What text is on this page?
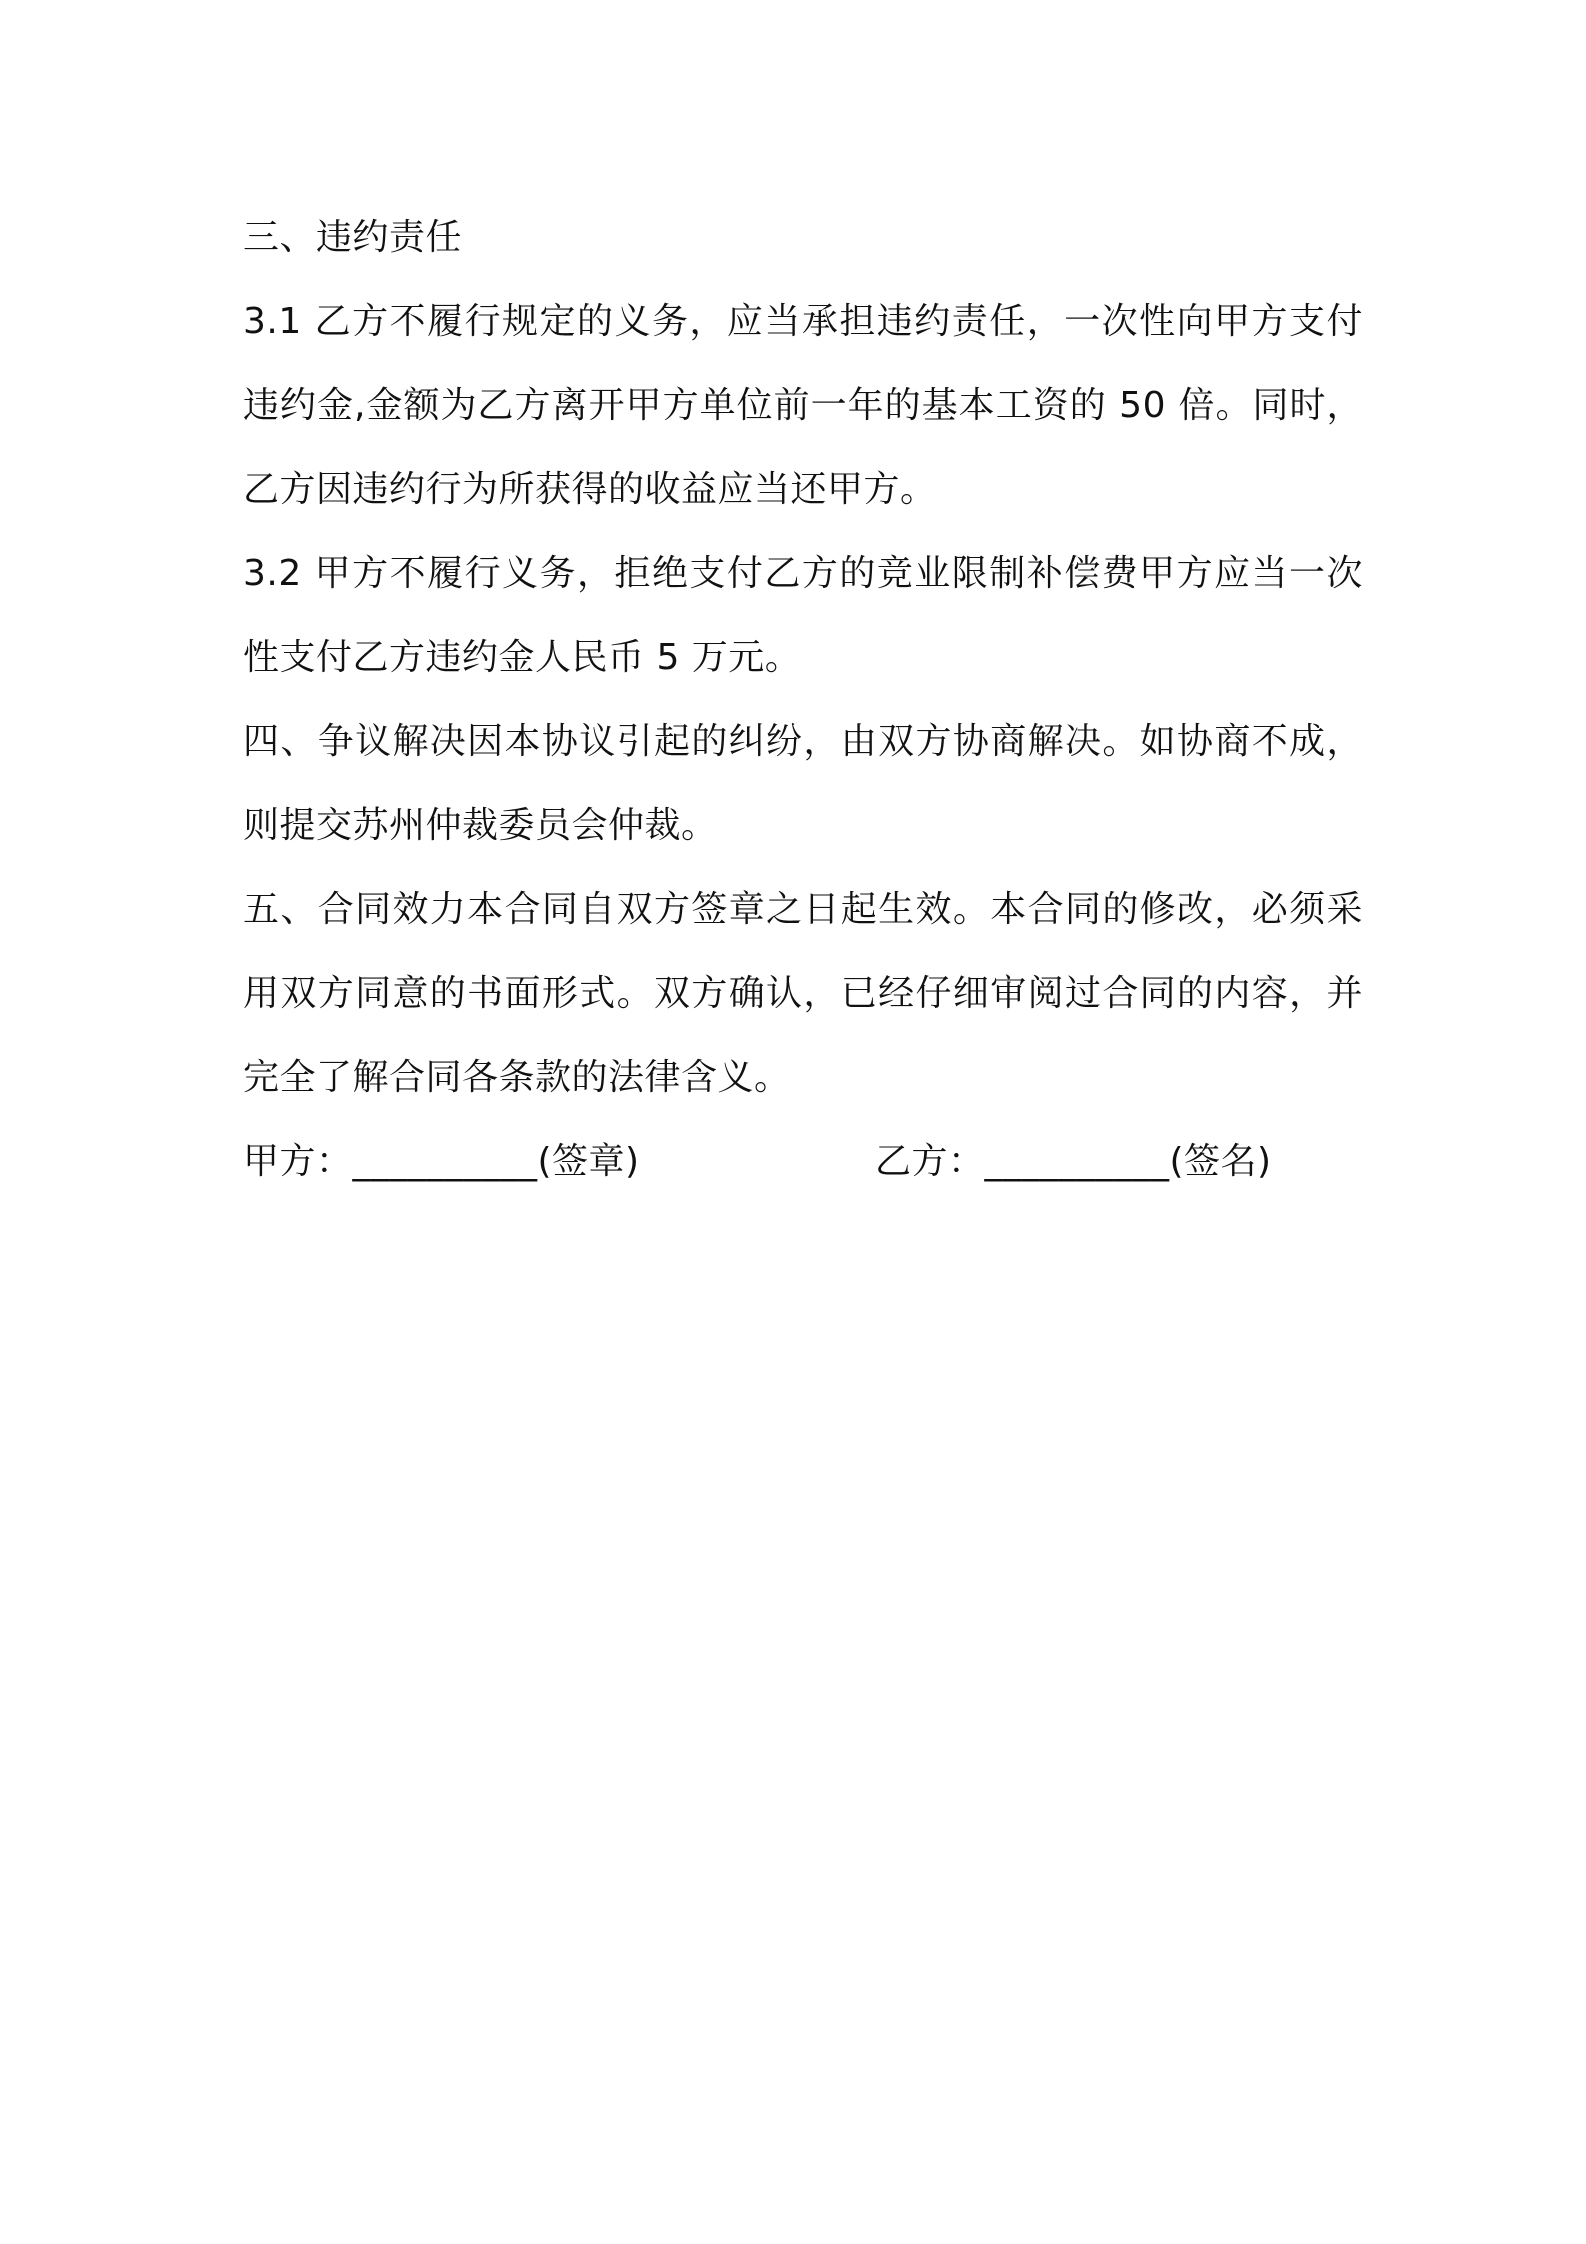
三、违约责任

3.1 乙方不履行规定的义务，应当承担违约责任，一次性向甲方支付违约金,金额为乙方离开甲方单位前一年的基本工资的 50 倍。同时，乙方因违约行为所获得的收益应当还甲方。

3.2 甲方不履行义务，拒绝支付乙方的竞业限制补偿费甲方应当一次性支付乙方违约金人民币 5 万元。

四、争议解决因本协议引起的纠纷，由双方协商解决。如协商不成，则提交苏州仲裁委员会仲裁。

五、合同效力本合同自双方签章之日起生效。本合同的修改，必须采用双方同意的书面形式。双方确认，已经仔细审阅过合同的内容，并完全了解合同各条款的法律含义。

甲方：__________(签章)	乙方：__________(签名)
